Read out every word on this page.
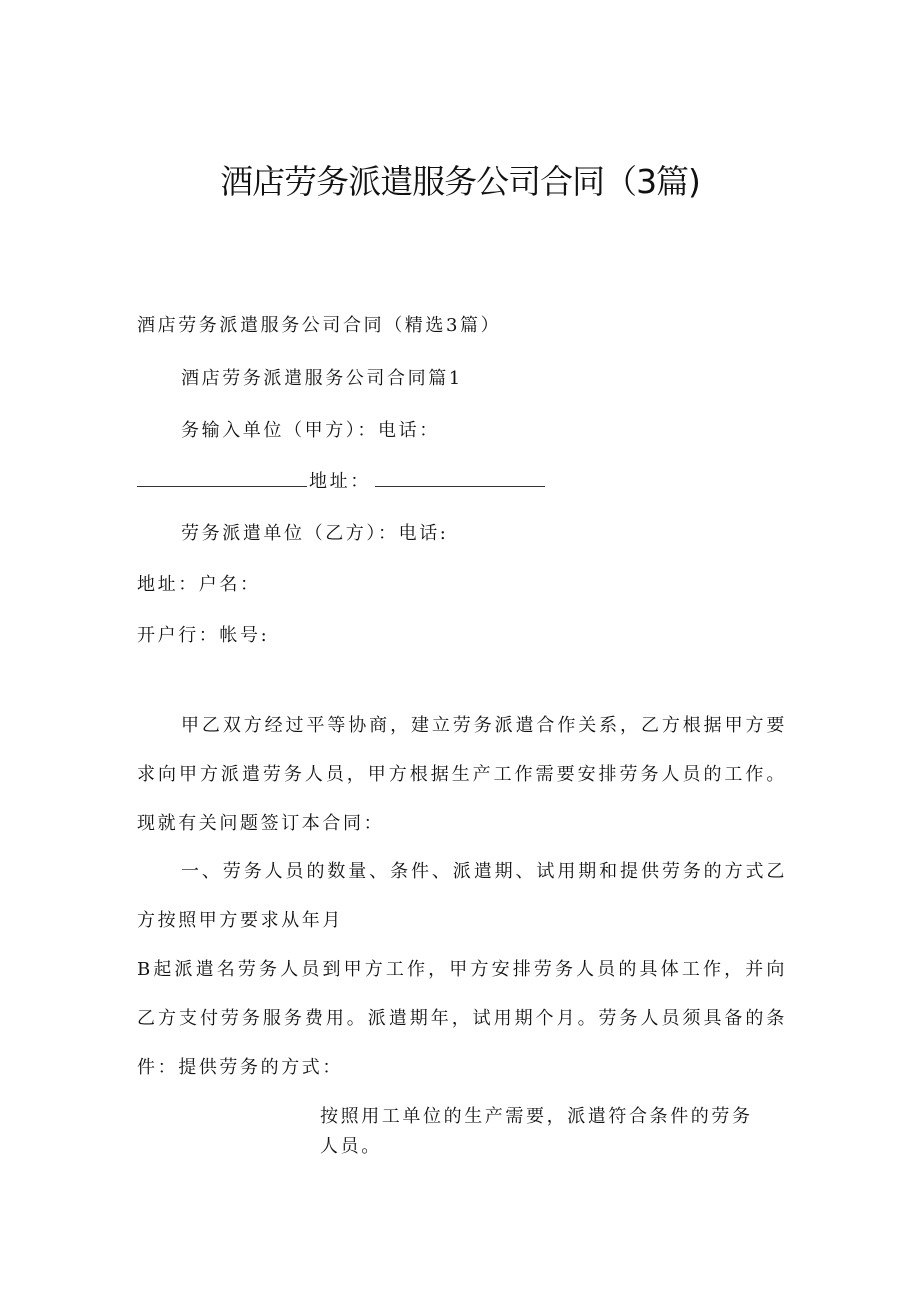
酒店劳务派遣服务公司合同（3篇)
酒店劳务派遣服务公司合同（精选3篇）
酒店劳务派遣服务公司合同篇1
务输入单位（甲方）：电话：
地址：
劳务派遣单位（乙方）：电话:
地址：户名：
开户行：帐号:
甲乙双方经过平等协商，建立劳务派遣合作关系，乙方根据甲方要求向甲方派遣劳务人员，甲方根据生产工作需要安排劳务人员的工作。现就有关问题签订本合同：
一、劳务人员的数量、条件、派遣期、试用期和提供劳务的方式乙方按照甲方要求从年月
B起派遣名劳务人员到甲方工作，甲方安排劳务人员的具体工作，并向乙方支付劳务服务费用。派遣期年，试用期个月。劳务人员须具备的条件：提供劳务的方式：
按照用工单位的生产需要，派遣符合条件的劳务人员。
